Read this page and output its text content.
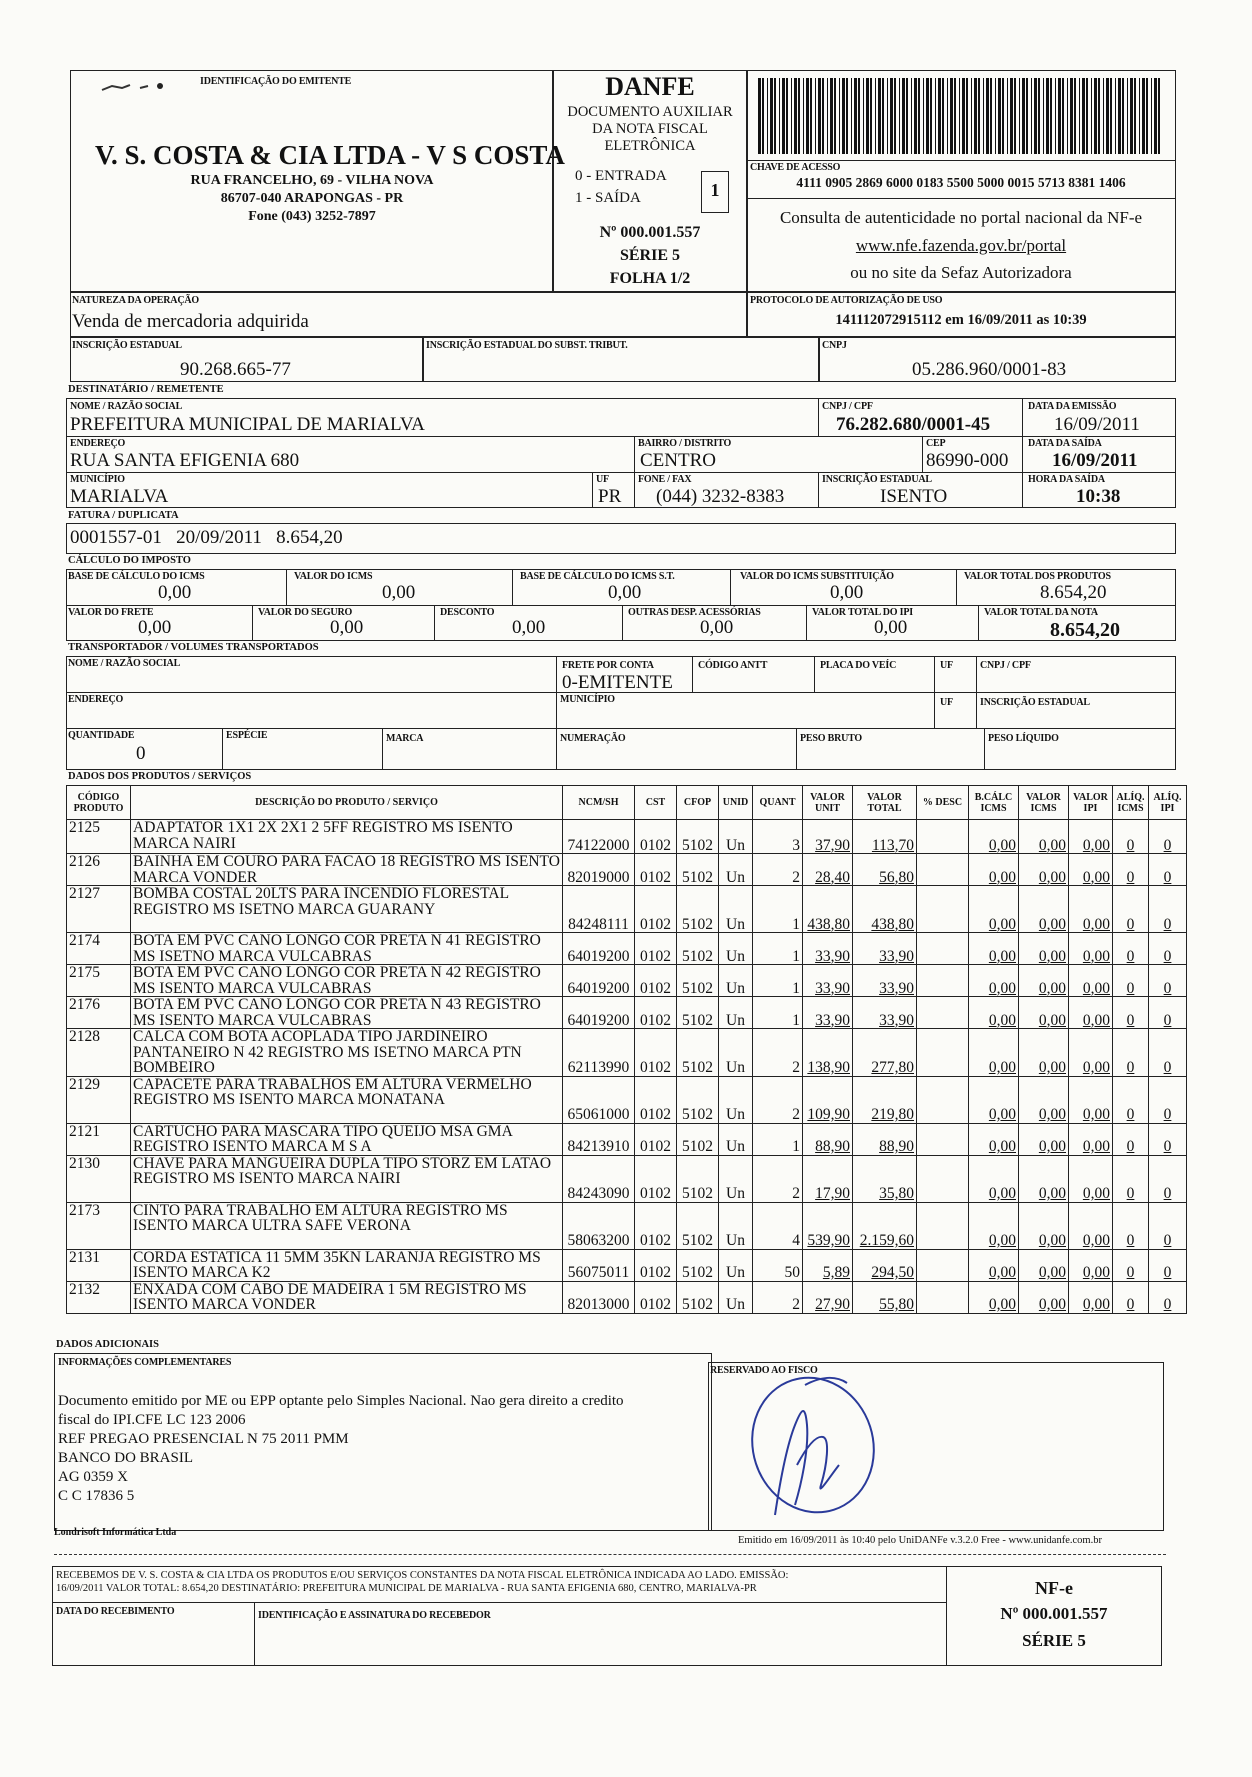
IDENTIFICAÇÃO DO EMITENTE
V. S. COSTA & CIA LTDA - V S COSTA
RUA FRANCELHO, 69 - VILHA NOVA
86707-040 ARAPONGAS - PR
Fone (043) 3252-7897
DANFE
DOCUMENTO AUXILIAR
DA NOTA FISCAL
ELETRÔNICA
0 - ENTRADA
1 - SAÍDA	1
Nº 000.001.557
SÉRIE 5
FOLHA 1/2
CHAVE DE ACESSO
4111 0905 2869 6000 0183 5500 5000 0015 5713 8381 1406
Consulta de autenticidade no portal nacional da NF-e
www.nfe.fazenda.gov.br/portal
ou no site da Sefaz Autorizadora
NATUREZA DA OPERAÇÃO
Venda de mercadoria adquirida
PROTOCOLO DE AUTORIZAÇÃO DE USO
141112072915112 em 16/09/2011 as 10:39
INSCRIÇÃO ESTADUAL
90.268.665-77
INSCRIÇÃO ESTADUAL DO SUBST. TRIBUT.	CNPJ
05.286.960/0001-83
DESTINATÁRIO / REMETENTE
NOME / RAZÃO SOCIAL
PREFEITURA MUNICIPAL DE MARIALVA
CNPJ / CPF
76.282.680/0001-45
DATA DA EMISSÃO
16/09/2011
ENDEREÇO
RUA SANTA EFIGENIA 680
BAIRRO / DISTRITO
CENTRO
CEP
86990-000
DATA DA SAÍDA
16/09/2011
MUNICÍPIO
MARIALVA
UF
PR
FONE / FAX
(044) 3232-8383
INSCRIÇÃO ESTADUAL
ISENTO
HORA DA SAÍDA
10:38
FATURA / DUPLICATA
0001557-01   20/09/2011   8.654,20
CÁLCULO DO IMPOSTO
BASE DE CÁLCULO DO ICMS
0,00
VALOR DO ICMS
0,00
BASE DE CÁLCULO DO ICMS S.T.
0,00
VALOR DO ICMS SUBSTITUIÇÃO
0,00
VALOR TOTAL DOS PRODUTOS
8.654,20
VALOR DO FRETE
0,00
VALOR DO SEGURO
0,00
DESCONTO
0,00
OUTRAS DESP. ACESSÓRIAS
0,00
VALOR TOTAL DO IPI
0,00
VALOR TOTAL DA NOTA
8.654,20
TRANSPORTADOR / VOLUMES TRANSPORTADOS
NOME / RAZÃO SOCIAL	FRETE POR CONTA
0-EMITENTE
CÓDIGO ANTT	PLACA DO VEÍC	UF	CNPJ / CPF
ENDEREÇO	MUNICÍPIO	UF	INSCRIÇÃO ESTADUAL
QUANTIDADE
0
ESPÉCIE	MARCA	NUMERAÇÃO	PESO BRUTO	PESO LÍQUIDO
DADOS DOS PRODUTOS / SERVIÇOS
CÓDIGO PRODUTO	DESCRIÇÃO DO PRODUTO / SERVIÇO	NCM/SH	CST	CFOP	UNID	QUANT	VALOR UNIT	VALOR TOTAL	% DESC	B.CÁLC ICMS	VALOR ICMS	VALOR IPI	ALÍQ. ICMS	ALÍQ. IPI
2125	ADAPTATOR 1X1 2X 2X1 2 5FF REGISTRO MS ISENTO MARCA NAIRI	74122000	0102	5102	Un	3	37,90	113,70		0,00	0,00	0,00	0	0
2126	BAINHA EM COURO PARA FACAO 18 REGISTRO MS ISENTO MARCA VONDER	82019000	0102	5102	Un	2	28,40	56,80		0,00	0,00	0,00	0	0
2127	BOMBA COSTAL 20LTS PARA INCENDIO FLORESTAL REGISTRO MS ISETNO MARCA GUARANY	84248111	0102	5102	Un	1	438,80	438,80		0,00	0,00	0,00	0	0
2174	BOTA EM PVC CANO LONGO COR PRETA N 41 REGISTRO MS ISETNO MARCA VULCABRAS	64019200	0102	5102	Un	1	33,90	33,90		0,00	0,00	0,00	0	0
2175	BOTA EM PVC CANO LONGO COR PRETA N 42 REGISTRO MS ISENTO MARCA VULCABRAS	64019200	0102	5102	Un	1	33,90	33,90		0,00	0,00	0,00	0	0
2176	BOTA EM PVC CANO LONGO COR PRETA N 43 REGISTRO MS ISENTO MARCA VULCABRAS	64019200	0102	5102	Un	1	33,90	33,90		0,00	0,00	0,00	0	0
2128	CALCA COM BOTA ACOPLADA TIPO JARDINEIRO PANTANEIRO N 42 REGISTRO MS ISETNO MARCA PTN BOMBEIRO	62113990	0102	5102	Un	2	138,90	277,80		0,00	0,00	0,00	0	0
2129	CAPACETE PARA TRABALHOS EM ALTURA VERMELHO REGISTRO MS ISENTO MARCA MONATANA	65061000	0102	5102	Un	2	109,90	219,80		0,00	0,00	0,00	0	0
2121	CARTUCHO PARA MASCARA TIPO QUEIJO MSA GMA REGISTRO ISENTO MARCA M S A	84213910	0102	5102	Un	1	88,90	88,90		0,00	0,00	0,00	0	0
2130	CHAVE PARA MANGUEIRA DUPLA TIPO STORZ EM LATAO REGISTRO MS ISENTO MARCA NAIRI	84243090	0102	5102	Un	2	17,90	35,80		0,00	0,00	0,00	0	0
2173	CINTO PARA TRABALHO EM ALTURA REGISTRO MS ISENTO MARCA ULTRA SAFE VERONA	58063200	0102	5102	Un	4	539,90	2.159,60		0,00	0,00	0,00	0	0
2131	CORDA ESTATICA 11 5MM 35KN LARANJA REGISTRO MS ISENTO MARCA K2	56075011	0102	5102	Un	50	5,89	294,50		0,00	0,00	0,00	0	0
2132	ENXADA COM CABO DE MADEIRA 1 5M REGISTRO MS ISENTO MARCA VONDER	82013000	0102	5102	Un	2	27,90	55,80		0,00	0,00	0,00	0	0
DADOS ADICIONAIS
INFORMAÇÕES COMPLEMENTARES
Documento emitido por ME ou EPP optante pelo Simples Nacional. Nao gera direito a credito
fiscal do IPI.CFE LC 123 2006
REF PREGAO PRESENCIAL N 75 2011 PMM
BANCO DO BRASIL
AG 0359 X
C C 17836 5
RESERVADO AO FISCO
Londrisoft Informática Ltda
Emitido em 16/09/2011 às 10:40 pelo UniDANFe v.3.2.0 Free - www.unidanfe.com.br
RECEBEMOS DE V. S. COSTA & CIA LTDA OS PRODUTOS E/OU SERVIÇOS CONSTANTES DA NOTA FISCAL ELETRÔNICA INDICADA AO LADO. EMISSÃO:
16/09/2011 VALOR TOTAL: 8.654,20 DESTINATÁRIO: PREFEITURA MUNICIPAL DE MARIALVA - RUA SANTA EFIGENIA 680, CENTRO, MARIALVA-PR
DATA DO RECEBIMENTO	IDENTIFICAÇÃO E ASSINATURA DO RECEBEDOR
NF-e
Nº 000.001.557
SÉRIE 5
